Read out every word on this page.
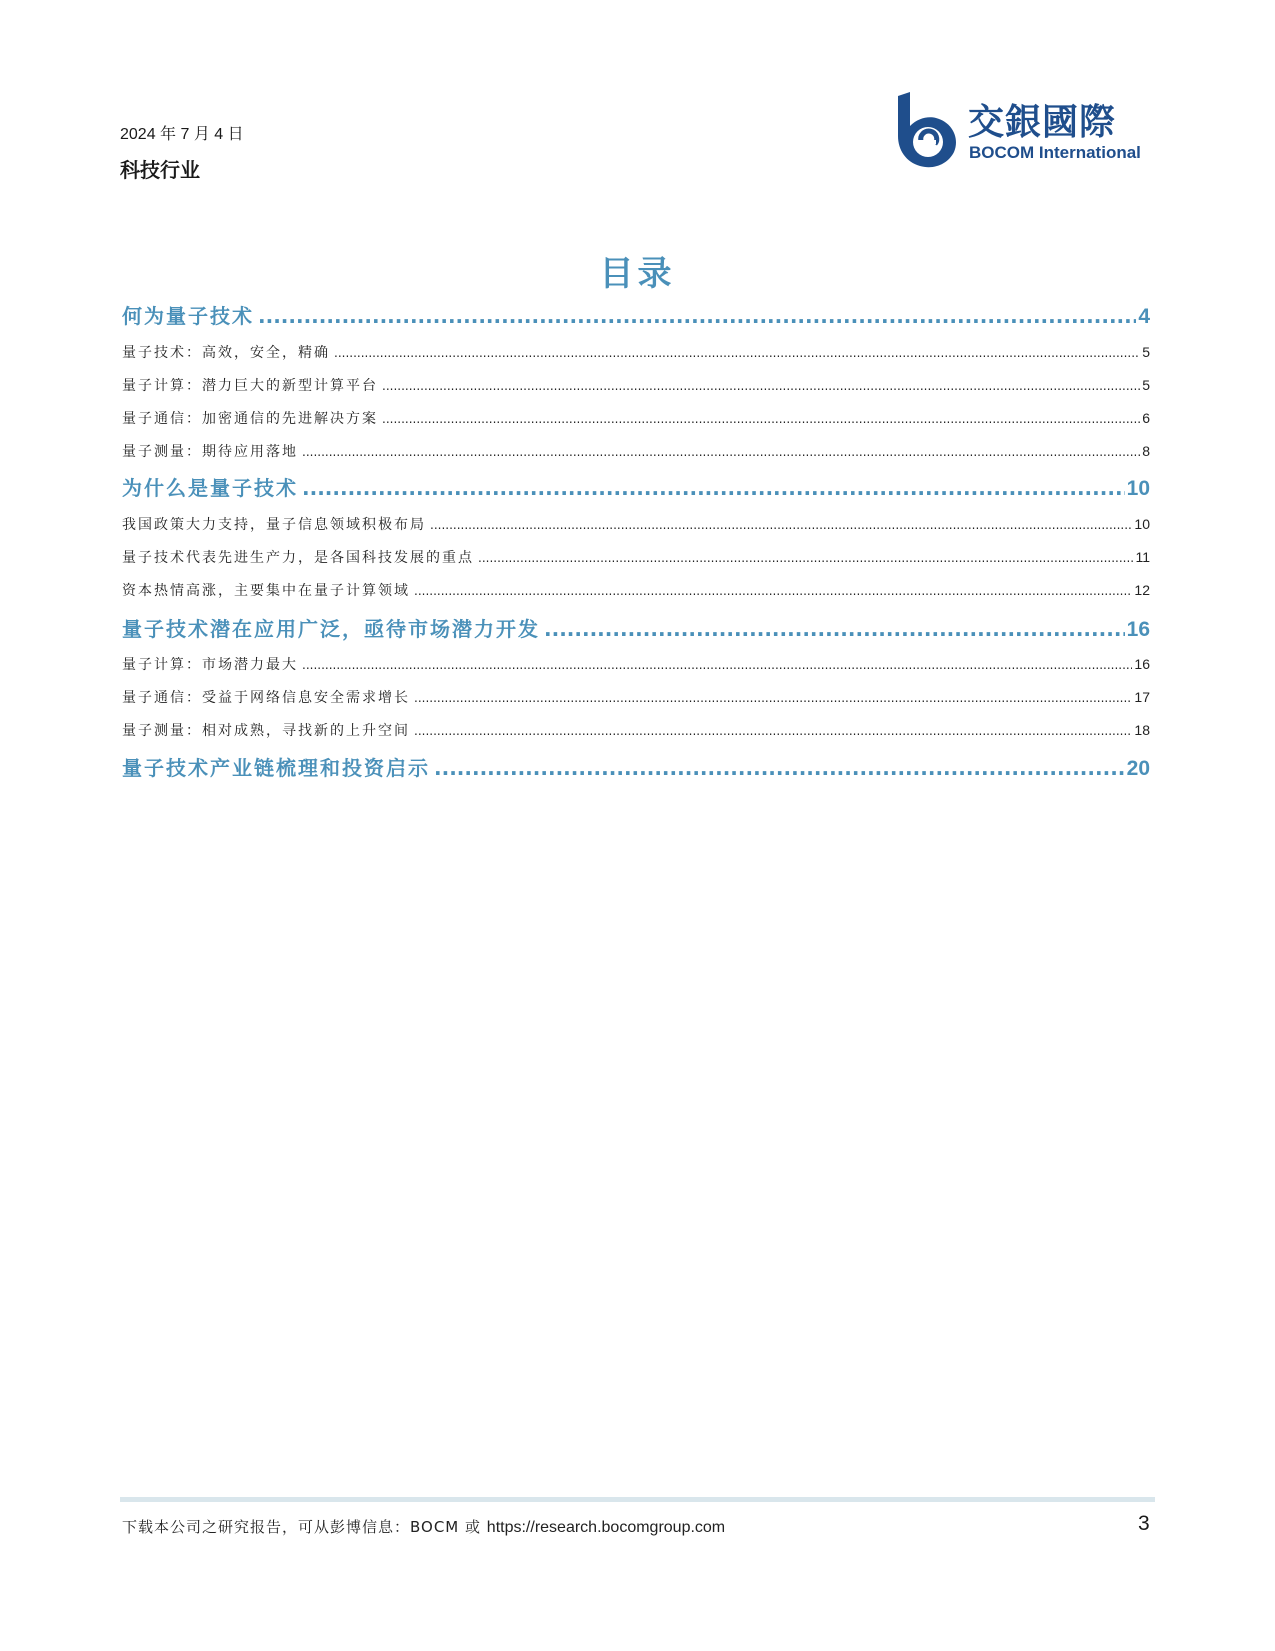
2024 年 7 月 4 日
科技行业
交銀國際
BOCOM International
目录
何为量子技术 .....	4
量子技术：高效，安全，精确 .....	5
量子计算：潜力巨大的新型计算平台 .....	5
量子通信：加密通信的先进解决方案 .....	6
量子测量：期待应用落地 .....	8
为什么是量子技术 .....	10
我国政策大力支持，量子信息领域积极布局 .....	10
量子技术代表先进生产力，是各国科技发展的重点 .....	11
资本热情高涨，主要集中在量子计算领域 .....	12
量子技术潜在应用广泛，亟待市场潜力开发 .....	16
量子计算：市场潜力最大 .....	16
量子通信：受益于网络信息安全需求增长 .....	17
量子测量：相对成熟，寻找新的上升空间 .....	18
量子技术产业链梳理和投资启示 .....	20
下载本公司之研究报告，可从彭博信息：BOCM 或 https://research.bocomgroup.com	3
